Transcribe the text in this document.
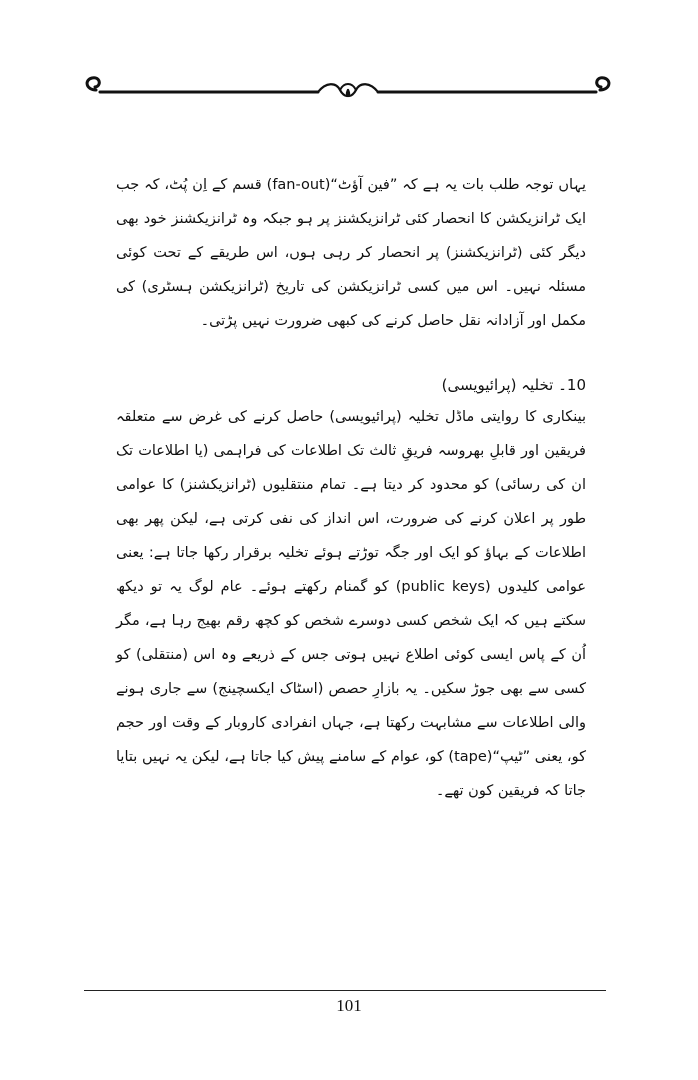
یہاں توجہ طلب بات یہ ہے کہ ”فین آؤٹ“(fan-out) قسم کے اِن پُٹ، کہ جب ایک ٹرانزیکشن کا انحصار کئی ٹرانزیکشنز پر ہو جبکہ وہ ٹرانزیکشنز خود بھی دیگر کئی (ٹرانزیکشنز) پر انحصار کر رہی ہوں، اس طریقے کے تحت کوئی مسئلہ نہیں۔ اس میں کسی ٹرانزیکشن کی تاریخ (ٹرانزیکشن ہسٹری) کی مکمل اور آزادانہ نقل حاصل کرنے کی کبھی ضرورت نہیں پڑتی۔

10۔ تخلیہ (پرائیویسی)

بینکاری کا روایتی ماڈل تخلیہ (پرائیویسی) حاصل کرنے کی غرض سے متعلقہ فریقین اور قابلِ بھروسہ فریقِ ثالث تک اطلاعات کی فراہمی (یا اطلاعات تک ان کی رسائی) کو محدود کر دیتا ہے۔ تمام منتقلیوں (ٹرانزیکشنز) کا عوامی طور پر اعلان کرنے کی ضرورت، اس انداز کی نفی کرتی ہے، لیکن پھر بھی اطلاعات کے بہاؤ کو ایک اور جگہ توڑتے ہوئے تخلیہ برقرار رکھا جاتا ہے: یعنی عوامی کلیدوں (public keys) کو گمنام رکھتے ہوئے۔ عام لوگ یہ تو دیکھ سکتے ہیں کہ ایک شخص کسی دوسرے شخص کو کچھ رقم بھیج رہا ہے، مگر اُن کے پاس ایسی کوئی اطلاع نہیں ہوتی جس کے ذریعے وہ اس (منتقلی) کو کسی سے بھی جوڑ سکیں۔ یہ بازارِ حصص (اسٹاک ایکسچینج) سے جاری ہونے والی اطلاعات سے مشابہت رکھتا ہے، جہاں انفرادی کاروبار کے وقت اور حجم کو، یعنی ”ٹیپ“(tape) کو، عوام کے سامنے پیش کیا جاتا ہے، لیکن یہ نہیں بتایا جاتا کہ فریقین کون تھے۔

101
